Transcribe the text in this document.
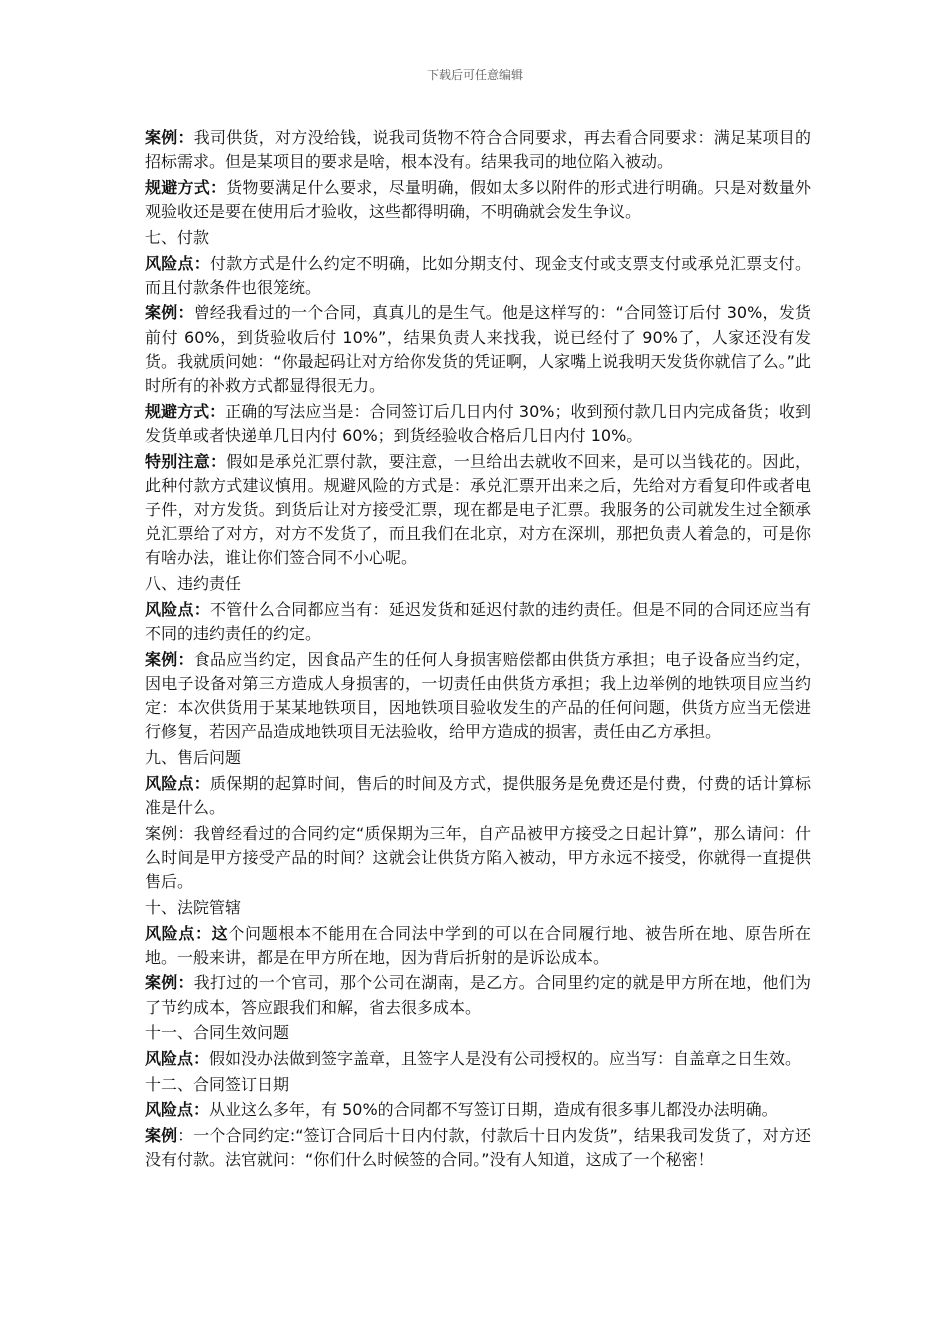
下载后可任意编辑

案例：我司供货，对方没给钱，说我司货物不符合合同要求，再去看合同要求：满足某项目的招标需求。但是某项目的要求是啥，根本没有。结果我司的地位陷入被动。

规避方式：货物要满足什么要求，尽量明确，假如太多以附件的形式进行明确。只是对数量外观验收还是要在使用后才验收，这些都得明确，不明确就会发生争议。

七、付款

风险点：付款方式是什么约定不明确，比如分期支付、现金支付或支票支付或承兑汇票支付。而且付款条件也很笼统。

案例：曾经我看过的一个合同，真真儿的是生气。他是这样写的：“合同签订后付 30%，发货前付 60%，到货验收后付 10%”，结果负责人来找我，说已经付了 90%了，人家还没有发货。我就质问她：“你最起码让对方给你发货的凭证啊，人家嘴上说我明天发货你就信了么。”此时所有的补救方式都显得很无力。

规避方式：正确的写法应当是：合同签订后几日内付 30%；收到预付款几日内完成备货；收到发货单或者快递单几日内付 60%；到货经验收合格后几日内付 10%。

特别注意：假如是承兑汇票付款，要注意，一旦给出去就收不回来，是可以当钱花的。因此，此种付款方式建议慎用。规避风险的方式是：承兑汇票开出来之后，先给对方看复印件或者电子件，对方发货。到货后让对方接受汇票，现在都是电子汇票。我服务的公司就发生过全额承兑汇票给了对方，对方不发货了，而且我们在北京，对方在深圳，那把负责人着急的，可是你有啥办法，谁让你们签合同不小心呢。

八、违约责任

风险点：不管什么合同都应当有：延迟发货和延迟付款的违约责任。但是不同的合同还应当有不同的违约责任的约定。

案例：食品应当约定，因食品产生的任何人身损害赔偿都由供货方承担；电子设备应当约定，因电子设备对第三方造成人身损害的，一切责任由供货方承担；我上边举例的地铁项目应当约定：本次供货用于某某地铁项目，因地铁项目验收发生的产品的任何问题，供货方应当无偿进行修复，若因产品造成地铁项目无法验收，给甲方造成的损害，责任由乙方承担。

九、售后问题

风险点：质保期的起算时间，售后的时间及方式，提供服务是免费还是付费，付费的话计算标准是什么。

案例：我曾经看过的合同约定“质保期为三年，自产品被甲方接受之日起计算”，那么请问：什么时间是甲方接受产品的时间？这就会让供货方陷入被动，甲方永远不接受，你就得一直提供售后。

十、法院管辖

风险点：这个问题根本不能用在合同法中学到的可以在合同履行地、被告所在地、原告所在地。一般来讲，都是在甲方所在地，因为背后折射的是诉讼成本。

案例：我打过的一个官司，那个公司在湖南，是乙方。合同里约定的就是甲方所在地，他们为了节约成本，答应跟我们和解，省去很多成本。

十一、合同生效问题

风险点：假如没办法做到签字盖章，且签字人是没有公司授权的。应当写：自盖章之日生效。

十二、合同签订日期

风险点：从业这么多年，有 50%的合同都不写签订日期，造成有很多事儿都没办法明确。

案例：一个合同约定:“签订合同后十日内付款，付款后十日内发货”，结果我司发货了，对方还没有付款。法官就问：“你们什么时候签的合同。”没有人知道，这成了一个秘密！
